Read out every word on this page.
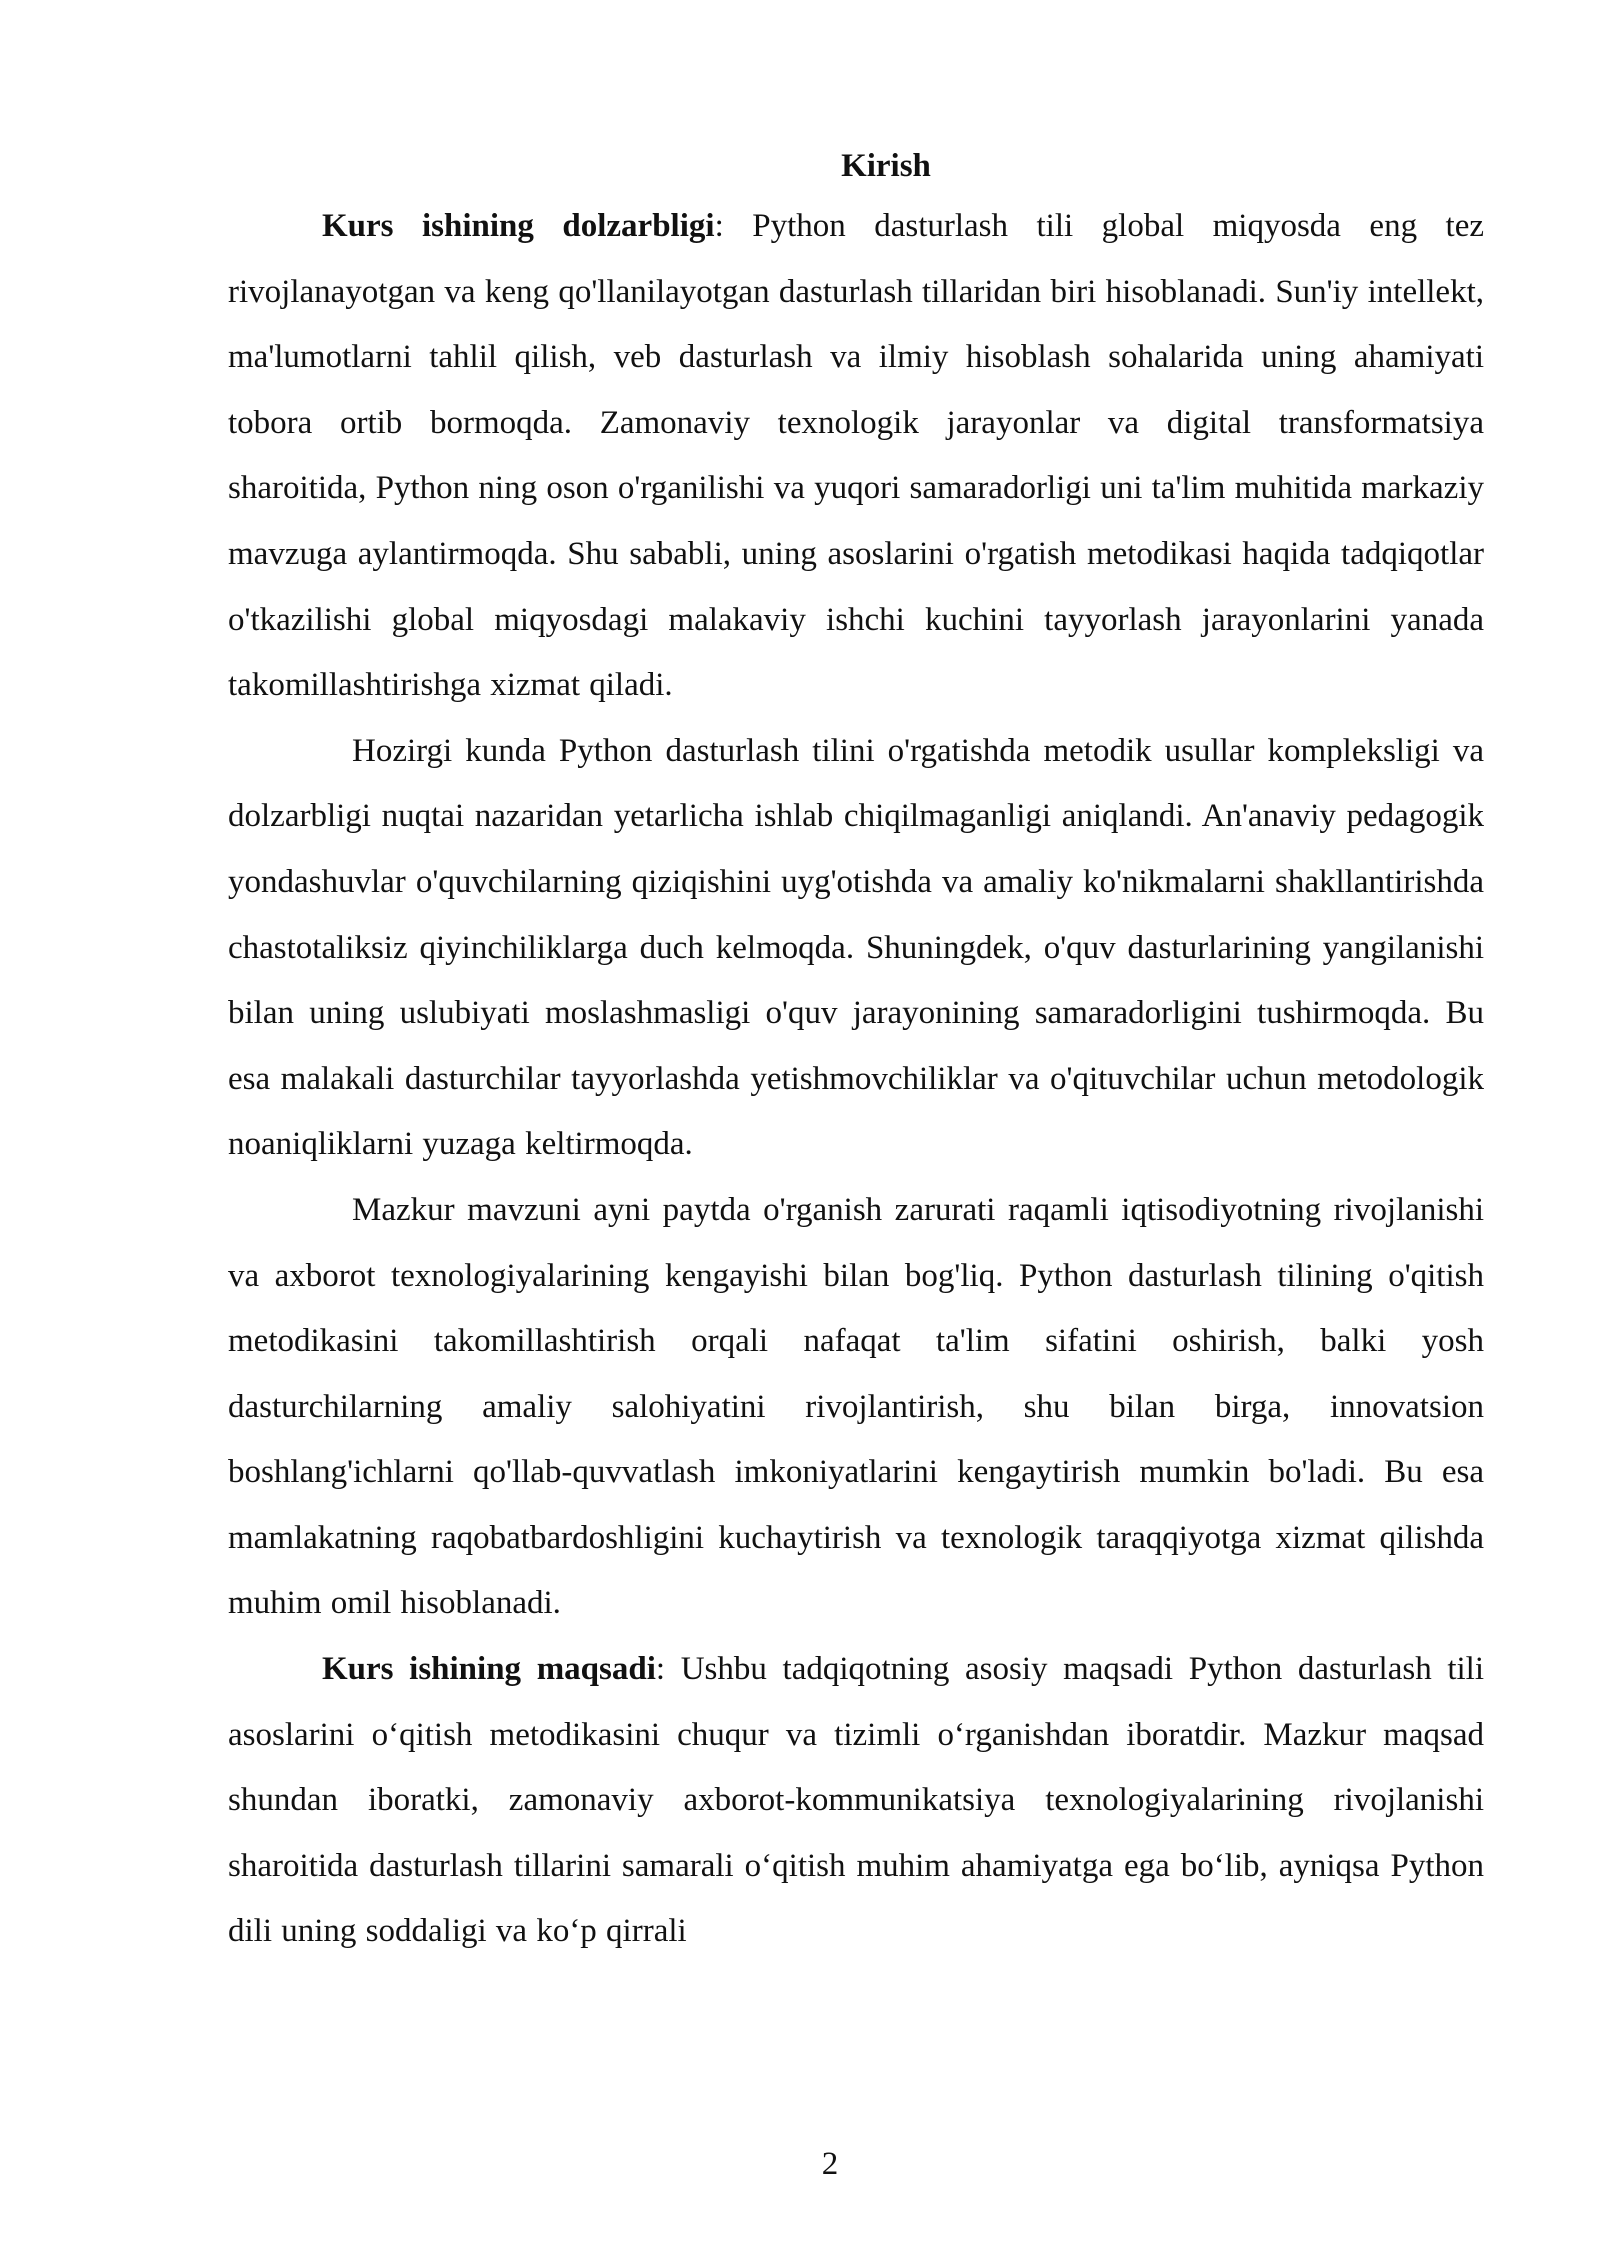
Kirish

Kurs ishining dolzarbligi: Python dasturlash tili global miqyosda eng tez rivojlanayotgan va keng qo'llanilayotgan dasturlash tillaridan biri hisoblanadi. Sun'iy intellekt, ma'lumotlarni tahlil qilish, veb dasturlash va ilmiy hisoblash sohalarida uning ahamiyati tobora ortib bormoqda. Zamonaviy texnologik jarayonlar va digital transformatsiya sharoitida, Python ning oson o'rganilishi va yuqori samaradorligi uni ta'lim muhitida markaziy mavzuga aylantirmoqda. Shu sababli, uning asoslarini o'rgatish metodikasi haqida tadqiqotlar o'tkazilishi global miqyosdagi malakaviy ishchi kuchini tayyorlash jarayonlarini yanada takomillashtirishga xizmat qiladi.

Hozirgi kunda Python dasturlash tilini o'rgatishda metodik usullar kompleksligi va dolzarbligi nuqtai nazaridan yetarlicha ishlab chiqilmaganligi aniqlandi. An'anaviy pedagogik yondashuvlar o'quvchilarning qiziqishini uyg'otishda va amaliy ko'nikmalarni shakllantirishda chastotaliksiz qiyinchiliklarga duch kelmoqda. Shuningdek, o'quv dasturlarining yangilanishi bilan uning uslubiyati moslashmasligi o'quv jarayonining samaradorligini tushirmoqda. Bu esa malakali dasturchilar tayyorlashda yetishmovchiliklar va o'qituvchilar uchun metodologik noaniqliklarni yuzaga keltirmoqda.

Mazkur mavzuni ayni paytda o'rganish zarurati raqamli iqtisodiyotning rivojlanishi va axborot texnologiyalarining kengayishi bilan bog'liq. Python dasturlash tilining o'qitish metodikasini takomillashtirish orqali nafaqat ta'lim sifatini oshirish, balki yosh dasturchilarning amaliy salohiyatini rivojlantirish, shu bilan birga, innovatsion boshlang'ichlarni qo'llab-quvvatlash imkoniyatlarini kengaytirish mumkin bo'ladi. Bu esa mamlakatning raqobatbardoshligini kuchaytirish va texnologik taraqqiyotga xizmat qilishda muhim omil hisoblanadi.

Kurs ishining maqsadi: Ushbu tadqiqotning asosiy maqsadi Python dasturlash tili asoslarini oʻqitish metodikasini chuqur va tizimli oʻrganishdan iboratdir. Mazkur maqsad shundan iboratki, zamonaviy axborot-kommunikatsiya texnologiyalarining rivojlanishi sharoitida dasturlash tillarini samarali oʻqitish muhim ahamiyatga ega boʻlib, ayniqsa Python dili uning soddaligi va koʻp qirrali

2
